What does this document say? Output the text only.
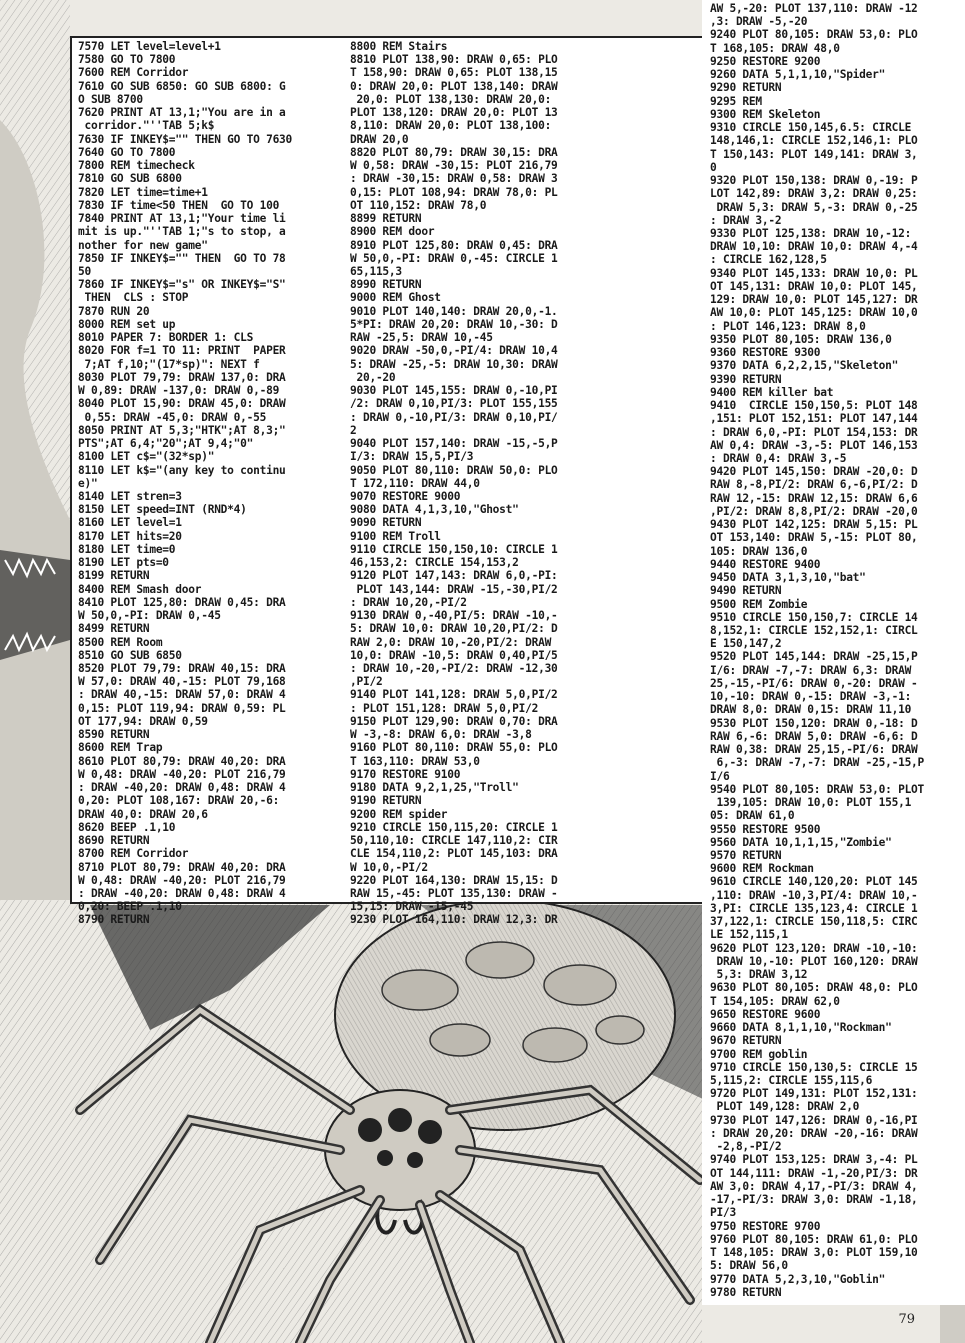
7570 LET level=level+1
7580 GO TO 7800
7600 REM Corridor
7610 GO SUB 6850: GO SUB 6800: G
O SUB 8700
7620 PRINT AT 13,1;"You are in a
corridor."''TAB 5;k$
7630 IF INKEY$="" THEN GO TO 7630
7640 GO TO 7800
7800 REM timecheck
7810 GO SUB 6800
7820 LET time=time+1
7830 IF time<50 THEN  GO TO 100
7840 PRINT AT 13,1;"Your time li
mit is up."''TAB 1;"s to stop, a
nother for new game"
7850 IF INKEY$="" THEN  GO TO 78
50
7860 IF INKEY$="s" OR INKEY$="S"
THEN  CLS : STOP
7870 RUN 20
8000 REM set up
8010 PAPER 7: BORDER 1: CLS
8020 FOR f=1 TO 11: PRINT  PAPER
7;AT f,10;"(17*sp)": NEXT f
8030 PLOT 79,79: DRAW 137,0: DRA
W 0,89: DRAW -137,0: DRAW 0,-89
8040 PLOT 15,90: DRAW 45,0: DRAW
0,55: DRAW -45,0: DRAW 0,-55
8050 PRINT AT 5,3;"HTK";AT 8,3;"
PTS";AT 6,4;"20";AT 9,4;"0"
8100 LET c$="(32*sp)"
8110 LET k$="(any key to continu
e)"
8140 LET stren=3
8150 LET speed=INT (RND*4)
8160 LET level=1
8170 LET hits=20
8180 LET time=0
8190 LET pts=0
8199 RETURN
8400 REM Smash door
8410 PLOT 125,80: DRAW 0,45: DRA
W 50,0,-PI: DRAW 0,-45
8499 RETURN
8500 REM Room
8510 GO SUB 6850
8520 PLOT 79,79: DRAW 40,15: DRA
W 57,0: DRAW 40,-15: PLOT 79,168
: DRAW 40,-15: DRAW 57,0: DRAW 4
0,15: PLOT 119,94: DRAW 0,59: PL
OT 177,94: DRAW 0,59
8590 RETURN
8600 REM Trap
8610 PLOT 80,79: DRAW 40,20: DRA
W 0,48: DRAW -40,20: PLOT 216,79
: DRAW -40,20: DRAW 0,48: DRAW 4
0,20: PLOT 108,167: DRAW 20,-6:
DRAW 40,0: DRAW 20,6
8620 BEEP .1,10
8690 RETURN
8700 REM Corridor
8710 PLOT 80,79: DRAW 40,20: DRA
W 0,48: DRAW -40,20: PLOT 216,79
: DRAW -40,20: DRAW 0,48: DRAW 4
0,20: BEEP .1,10
8790 RETURN

8800 REM Stairs
8810 PLOT 138,90: DRAW 0,65: PLO
T 158,90: DRAW 0,65: PLOT 138,15
0: DRAW 20,0: PLOT 138,140: DRAW
20,0: PLOT 138,130: DRAW 20,0:
PLOT 138,120: DRAW 20,0: PLOT 13
8,110: DRAW 20,0: PLOT 138,100:
DRAW 20,0
8820 PLOT 80,79: DRAW 30,15: DRA
W 0,58: DRAW -30,15: PLOT 216,79
: DRAW -30,15: DRAW 0,58: DRAW 3
0,15: PLOT 108,94: DRAW 78,0: PL
OT 110,152: DRAW 78,0
8899 RETURN
8900 REM door
8910 PLOT 125,80: DRAW 0,45: DRA
W 50,0,-PI: DRAW 0,-45: CIRCLE 1
65,115,3
8990 RETURN
9000 REM Ghost
9010 PLOT 140,140: DRAW 20,0,-1.
5*PI: DRAW 20,20: DRAW 10,-30: D
RAW -25,5: DRAW 10,-45
9020 DRAW -50,0,-PI/4: DRAW 10,4
5: DRAW -25,-5: DRAW 10,30: DRAW
20,-20
9030 PLOT 145,155: DRAW 0,-10,PI
/2: DRAW 0,10,PI/3: PLOT 155,155
: DRAW 0,-10,PI/3: DRAW 0,10,PI/
2
9040 PLOT 157,140: DRAW -15,-5,P
I/3: DRAW 15,5,PI/3
9050 PLOT 80,110: DRAW 50,0: PLO
T 172,110: DRAW 44,0
9070 RESTORE 9000
9080 DATA 4,1,3,10,"Ghost"
9090 RETURN
9100 REM Troll
9110 CIRCLE 150,150,10: CIRCLE 1
46,153,2: CIRCLE 154,153,2
9120 PLOT 147,143: DRAW 6,0,-PI:
PLOT 143,144: DRAW -15,-30,PI/2
: DRAW 10,20,-PI/2
9130 DRAW 0,-40,PI/5: DRAW -10,-
5: DRAW 10,0: DRAW 10,20,PI/2: D
RAW 2,0: DRAW 10,-20,PI/2: DRAW
10,0: DRAW -10,5: DRAW 0,40,PI/5
: DRAW 10,-20,-PI/2: DRAW -12,30
,PI/2
9140 PLOT 141,128: DRAW 5,0,PI/2
: PLOT 151,128: DRAW 5,0,PI/2
9150 PLOT 129,90: DRAW 0,70: DRA
W -3,-8: DRAW 6,0: DRAW -3,8
9160 PLOT 80,110: DRAW 55,0: PLO
T 163,110: DRAW 53,0
9170 RESTORE 9100
9180 DATA 9,2,1,25,"Troll"
9190 RETURN
9200 REM spider
9210 CIRCLE 150,115,20: CIRCLE 1
50,110,10: CIRCLE 147,110,2: CIR
CLE 154,110,2: PLOT 145,103: DRA
W 10,0,-PI/2
9220 PLOT 164,130: DRAW 15,15: D
RAW 15,-45: PLOT 135,130: DRAW -
15,15: DRAW -15,-45
9230 PLOT 164,110: DRAW 12,3: DR

AW 5,-20: PLOT 137,110: DRAW -12
,3: DRAW -5,-20
9240 PLOT 80,105: DRAW 53,0: PLO
T 168,105: DRAW 48,0
9250 RESTORE 9200
9260 DATA 5,1,1,10,"Spider"
9290 RETURN
9295 REM
9300 REM Skeleton
9310 CIRCLE 150,145,6.5: CIRCLE
148,146,1: CIRCLE 152,146,1: PLO
T 150,143: PLOT 149,141: DRAW 3,
0
9320 PLOT 150,138: DRAW 0,-19: P
LOT 142,89: DRAW 3,2: DRAW 0,25:
DRAW 5,3: DRAW 5,-3: DRAW 0,-25
: DRAW 3,-2
9330 PLOT 125,138: DRAW 10,-12:
DRAW 10,10: DRAW 10,0: DRAW 4,-4
: CIRCLE 162,128,5
9340 PLOT 145,133: DRAW 10,0: PL
OT 145,131: DRAW 10,0: PLOT 145,
129: DRAW 10,0: PLOT 145,127: DR
AW 10,0: PLOT 145,125: DRAW 10,0
: PLOT 146,123: DRAW 8,0
9350 PLOT 80,105: DRAW 136,0
9360 RESTORE 9300
9370 DATA 6,2,2,15,"Skeleton"
9390 RETURN
9400 REM killer bat
9410  CIRCLE 150,150,5: PLOT 148
,151: PLOT 152,151: PLOT 147,144
: DRAW 6,0,-PI: PLOT 154,153: DR
AW 0,4: DRAW -3,-5: PLOT 146,153
: DRAW 0,4: DRAW 3,-5
9420 PLOT 145,150: DRAW -20,0: D
RAW 8,-8,PI/2: DRAW 6,-6,PI/2: D
RAW 12,-15: DRAW 12,15: DRAW 6,6
,PI/2: DRAW 8,8,PI/2: DRAW -20,0
9430 PLOT 142,125: DRAW 5,15: PL
OT 153,140: DRAW 5,-15: PLOT 80,
105: DRAW 136,0
9440 RESTORE 9400
9450 DATA 3,1,3,10,"bat"
9490 RETURN
9500 REM Zombie
9510 CIRCLE 150,150,7: CIRCLE 14
8,152,1: CIRCLE 152,152,1: CIRCL
E 150,147,2
9520 PLOT 145,144: DRAW -25,15,P
I/6: DRAW -7,-7: DRAW 6,3: DRAW
25,-15,-PI/6: DRAW 0,-20: DRAW -
10,-10: DRAW 0,-15: DRAW -3,-1:
DRAW 8,0: DRAW 0,15: DRAW 11,10
9530 PLOT 150,120: DRAW 0,-18: D
RAW 6,-6: DRAW 5,0: DRAW -6,6: D
RAW 0,38: DRAW 25,15,-PI/6: DRAW
6,-3: DRAW -7,-7: DRAW -25,-15,P
I/6
9540 PLOT 80,105: DRAW 53,0: PLOT
139,105: DRAW 10,0: PLOT 155,1
05: DRAW 61,0
9550 RESTORE 9500
9560 DATA 10,1,1,15,"Zombie"
9570 RETURN
9600 REM Rockman
9610 CIRCLE 140,120,20: PLOT 145
,110: DRAW -10,3,PI/4: DRAW 10,-
3,PI: CIRCLE 135,123,4: CIRCLE 1
37,122,1: CIRCLE 150,118,5: CIRC
LE 152,115,1
9620 PLOT 123,120: DRAW -10,-10:
DRAW 10,-10: PLOT 160,120: DRAW
5,3: DRAW 3,12
9630 PLOT 80,105: DRAW 48,0: PLO
T 154,105: DRAW 62,0
9650 RESTORE 9600
9660 DATA 8,1,1,10,"Rockman"
9670 RETURN
9700 REM goblin
9710 CIRCLE 150,130,5: CIRCLE 15
5,115,2: CIRCLE 155,115,6
9720 PLOT 149,131: PLOT 152,131:
PLOT 149,128: DRAW 2,0
9730 PLOT 147,126: DRAW 0,-16,PI
: DRAW 20,20: DRAW -20,-16: DRAW
-2,8,-PI/2
9740 PLOT 153,125: DRAW 3,-4: PL
OT 144,111: DRAW -1,-20,PI/3: DR
AW 3,0: DRAW 4,17,-PI/3: DRAW 4,
-17,-PI/3: DRAW 3,0: DRAW -1,18,
PI/3
9750 RESTORE 9700
9760 PLOT 80,105: DRAW 61,0: PLO
T 148,105: DRAW 3,0: PLOT 159,10
5: DRAW 56,0
9770 DATA 5,2,3,10,"Goblin"
9780 RETURN

79
